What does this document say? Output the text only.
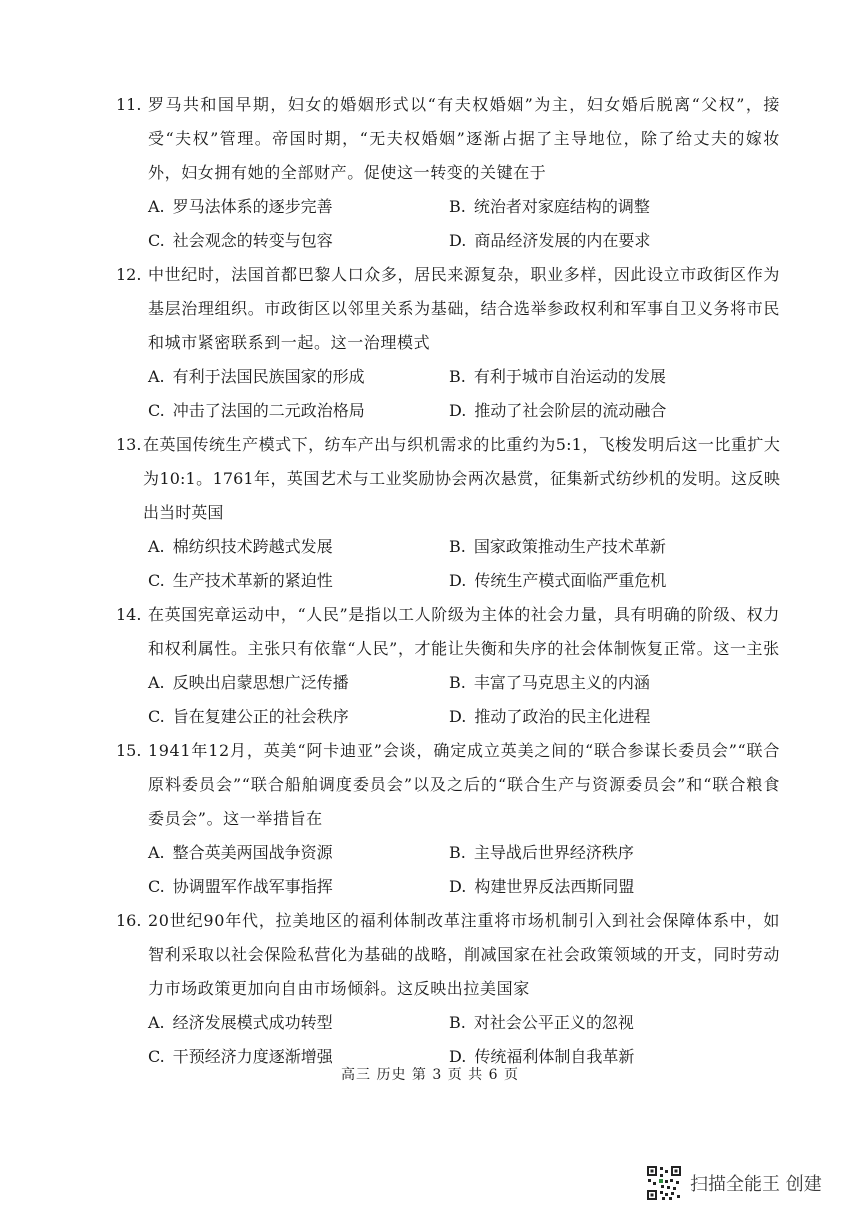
11. 罗马共和国早期，妇女的婚姻形式以“有夫权婚姻”为主，妇女婚后脱离“父权”，接受“夫权”管理。帝国时期，“无夫权婚姻”逐渐占据了主导地位，除了给丈夫的嫁妆外，妇女拥有她的全部财产。促使这一转变的关键在于

A. 罗马法体系的逐步完善	B. 统治者对家庭结构的调整
C. 社会观念的转变与包容	D. 商品经济发展的内在要求
12. 中世纪时，法国首都巴黎人口众多，居民来源复杂，职业多样，因此设立市政街区作为基层治理组织。市政街区以邻里关系为基础，结合选举参政权利和军事自卫义务将市民和城市紧密联系到一起。这一治理模式

A. 有利于法国民族国家的形成	B. 有利于城市自治运动的发展
C. 冲击了法国的二元政治格局	D. 推动了社会阶层的流动融合
13. 在英国传统生产模式下，纺车产出与织机需求的比重约为5:1，飞梭发明后这一比重扩大为10:1。1761年，英国艺术与工业奖励协会两次悬赏，征集新式纺纱机的发明。这反映出当时英国

A. 棉纺织技术跨越式发展	B. 国家政策推动生产技术革新
C. 生产技术革新的紧迫性	D. 传统生产模式面临严重危机
14. 在英国宪章运动中，“人民”是指以工人阶级为主体的社会力量，具有明确的阶级、权力和权利属性。主张只有依靠“人民”，才能让失衡和失序的社会体制恢复正常。这一主张

A. 反映出启蒙思想广泛传播	B. 丰富了马克思主义的内涵
C. 旨在复建公正的社会秩序	D. 推动了政治的民主化进程
15. 1941年12月，英美“阿卡迪亚”会谈，确定成立英美之间的“联合参谋长委员会”“联合原料委员会”“联合船舶调度委员会”以及之后的“联合生产与资源委员会”和“联合粮食委员会”。这一举措旨在

A. 整合英美两国战争资源	B. 主导战后世界经济秩序
C. 协调盟军作战军事指挥	D. 构建世界反法西斯同盟
16. 20世纪90年代，拉美地区的福利体制改革注重将市场机制引入到社会保障体系中，如智利采取以社会保险私营化为基础的战略，削减国家在社会政策领域的开支，同时劳动力市场政策更加向自由市场倾斜。这反映出拉美国家

A. 经济发展模式成功转型	B. 对社会公平正义的忽视
C. 干预经济力度逐渐增强	D. 传统福利体制自我革新
高三 历史 第 3 页 共 6 页
扫描全能王 创建
